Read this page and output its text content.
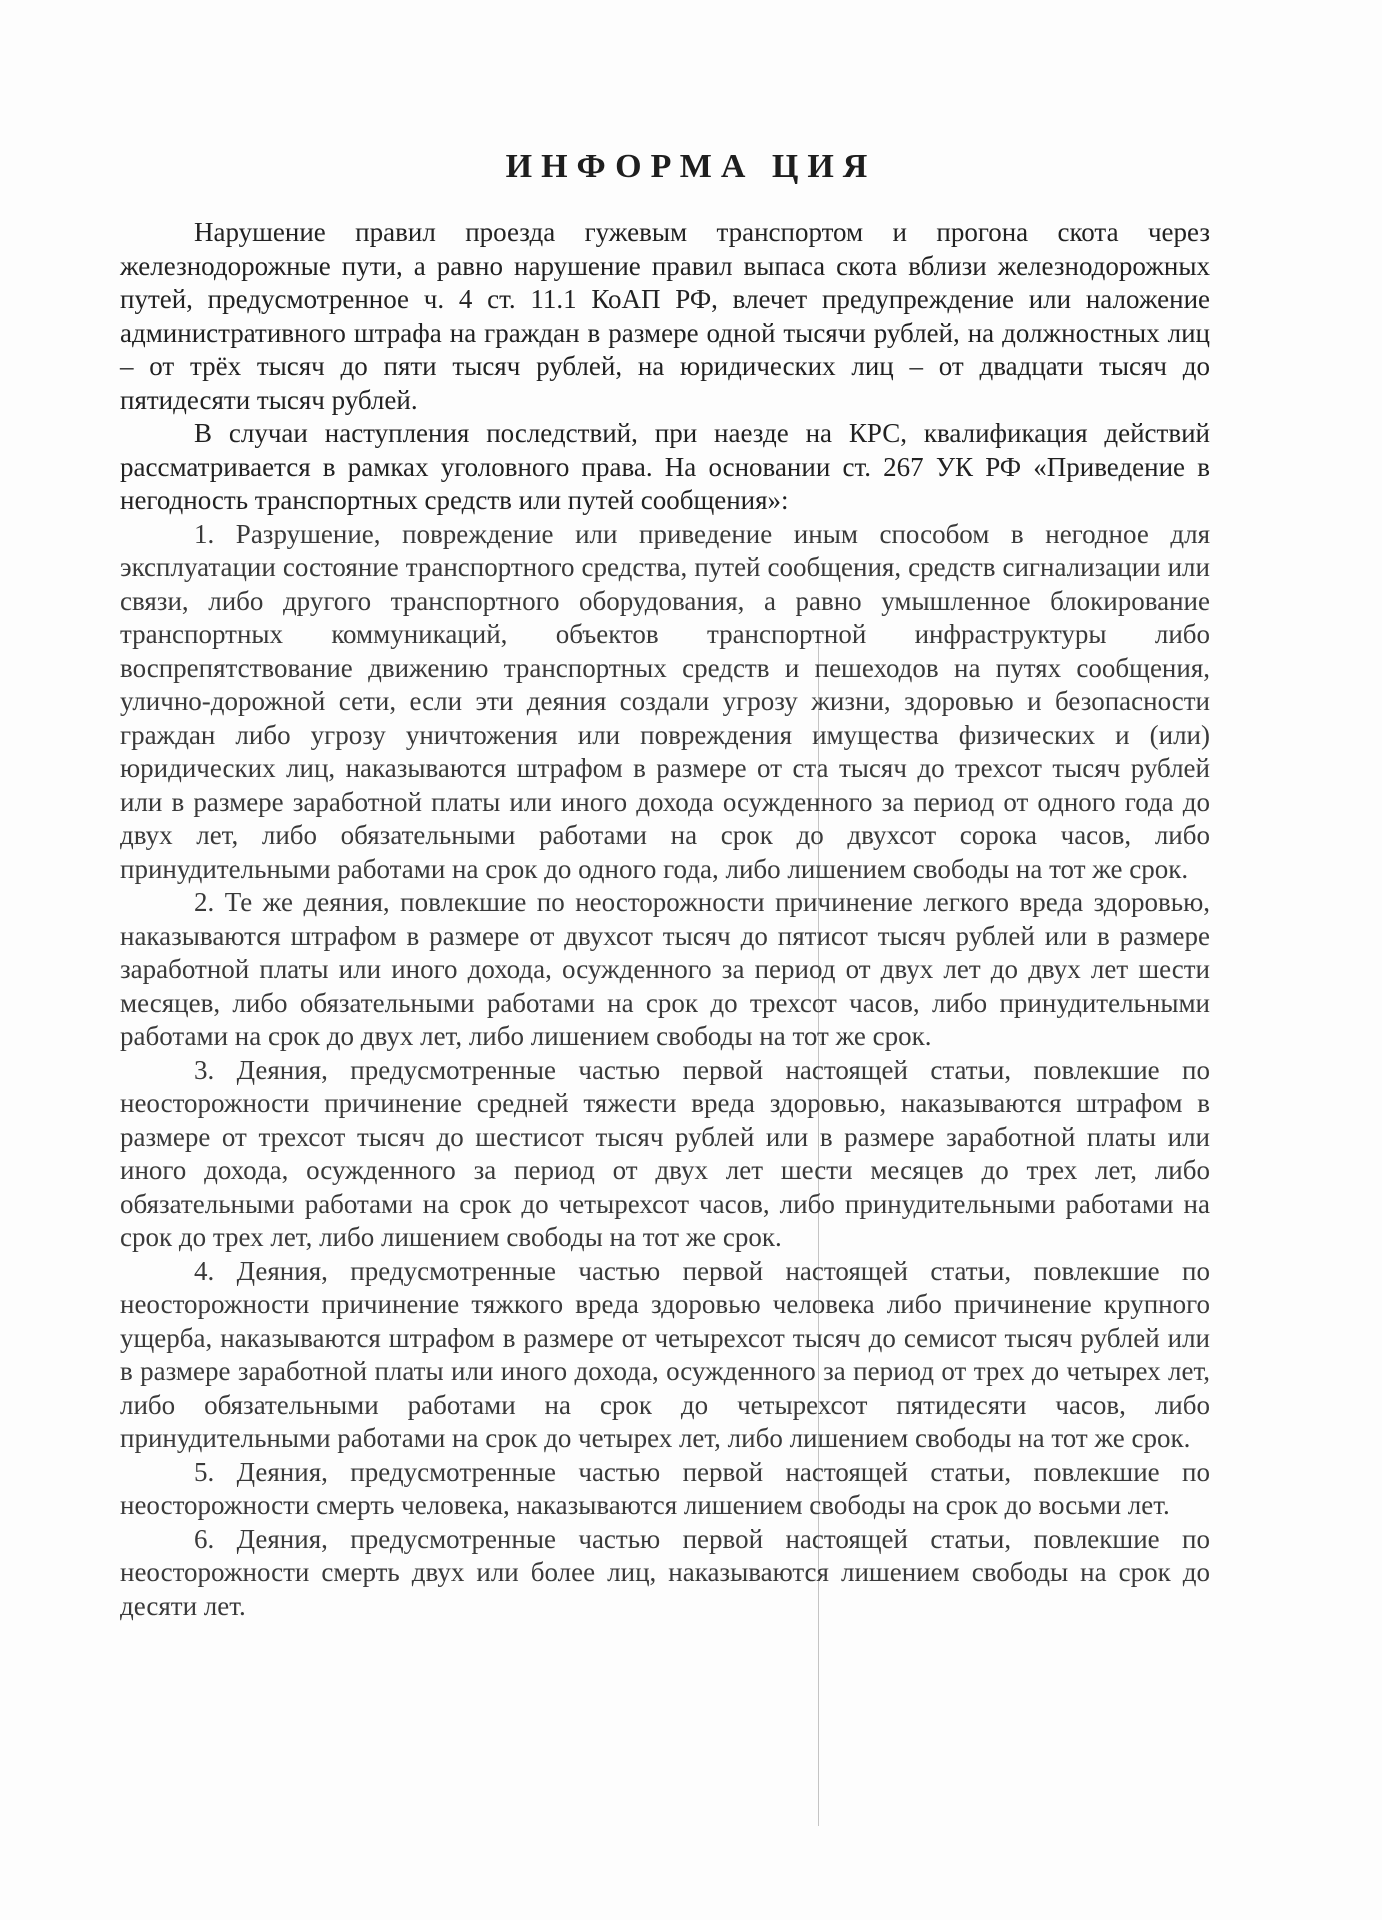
ИНФОРМА ЦИЯ

Нарушение правил проезда гужевым транспортом и прогона скота через железнодорожные пути, а равно нарушение правил выпаса скота вблизи железнодорожных путей, предусмотренное ч. 4 ст. 11.1 КоАП РФ, влечет предупреждение или наложение административного штрафа на граждан в размере одной тысячи рублей, на должностных лиц – от трёх тысяч до пяти тысяч рублей, на юридических лиц – от двадцати тысяч до пятидесяти тысяч рублей.

В случаи наступления последствий, при наезде на КРС, квалификация действий рассматривается в рамках уголовного права. На основании ст. 267 УК РФ «Приведение в негодность транспортных средств или путей сообщения»:

1. Разрушение, повреждение или приведение иным способом в негодное для эксплуатации состояние транспортного средства, путей сообщения, средств сигнализации или связи, либо другого транспортного оборудования, а равно умышленное блокирование транспортных коммуникаций, объектов транспортной инфраструктуры либо воспрепятствование движению транспортных средств и пешеходов на путях сообщения, улично-дорожной сети, если эти деяния создали угрозу жизни, здоровью и безопасности граждан либо угрозу уничтожения или повреждения имущества физических и (или) юридических лиц, наказываются штрафом в размере от ста тысяч до трехсот тысяч рублей или в размере заработной платы или иного дохода осужденного за период от одного года до двух лет, либо обязательными работами на срок до двухсот сорока часов, либо принудительными работами на срок до одного года, либо лишением свободы на тот же срок.

2. Те же деяния, повлекшие по неосторожности причинение легкого вреда здоровью, наказываются штрафом в размере от двухсот тысяч до пятисот тысяч рублей или в размере заработной платы или иного дохода, осужденного за период от двух лет до двух лет шести месяцев, либо обязательными работами на срок до трехсот часов, либо принудительными работами на срок до двух лет, либо лишением свободы на тот же срок.

3. Деяния, предусмотренные частью первой настоящей статьи, повлекшие по неосторожности причинение средней тяжести вреда здоровью, наказываются штрафом в размере от трехсот тысяч до шестисот тысяч рублей или в размере заработной платы или иного дохода, осужденного за период от двух лет шести месяцев до трех лет, либо обязательными работами на срок до четырехсот часов, либо принудительными работами на срок до трех лет, либо лишением свободы на тот же срок.

4. Деяния, предусмотренные частью первой настоящей статьи, повлекшие по неосторожности причинение тяжкого вреда здоровью человека либо причинение крупного ущерба, наказываются штрафом в размере от четырехсот тысяч до семисот тысяч рублей или в размере заработной платы или иного дохода, осужденного за период от трех до четырех лет, либо обязательными работами на срок до четырехсот пятидесяти часов, либо принудительными работами на срок до четырех лет, либо лишением свободы на тот же срок.

5. Деяния, предусмотренные частью первой настоящей статьи, повлекшие по неосторожности смерть человека, наказываются лишением свободы на срок до восьми лет.

6. Деяния, предусмотренные частью первой настоящей статьи, повлекшие по неосторожности смерть двух или более лиц, наказываются лишением свободы на срок до десяти лет.
